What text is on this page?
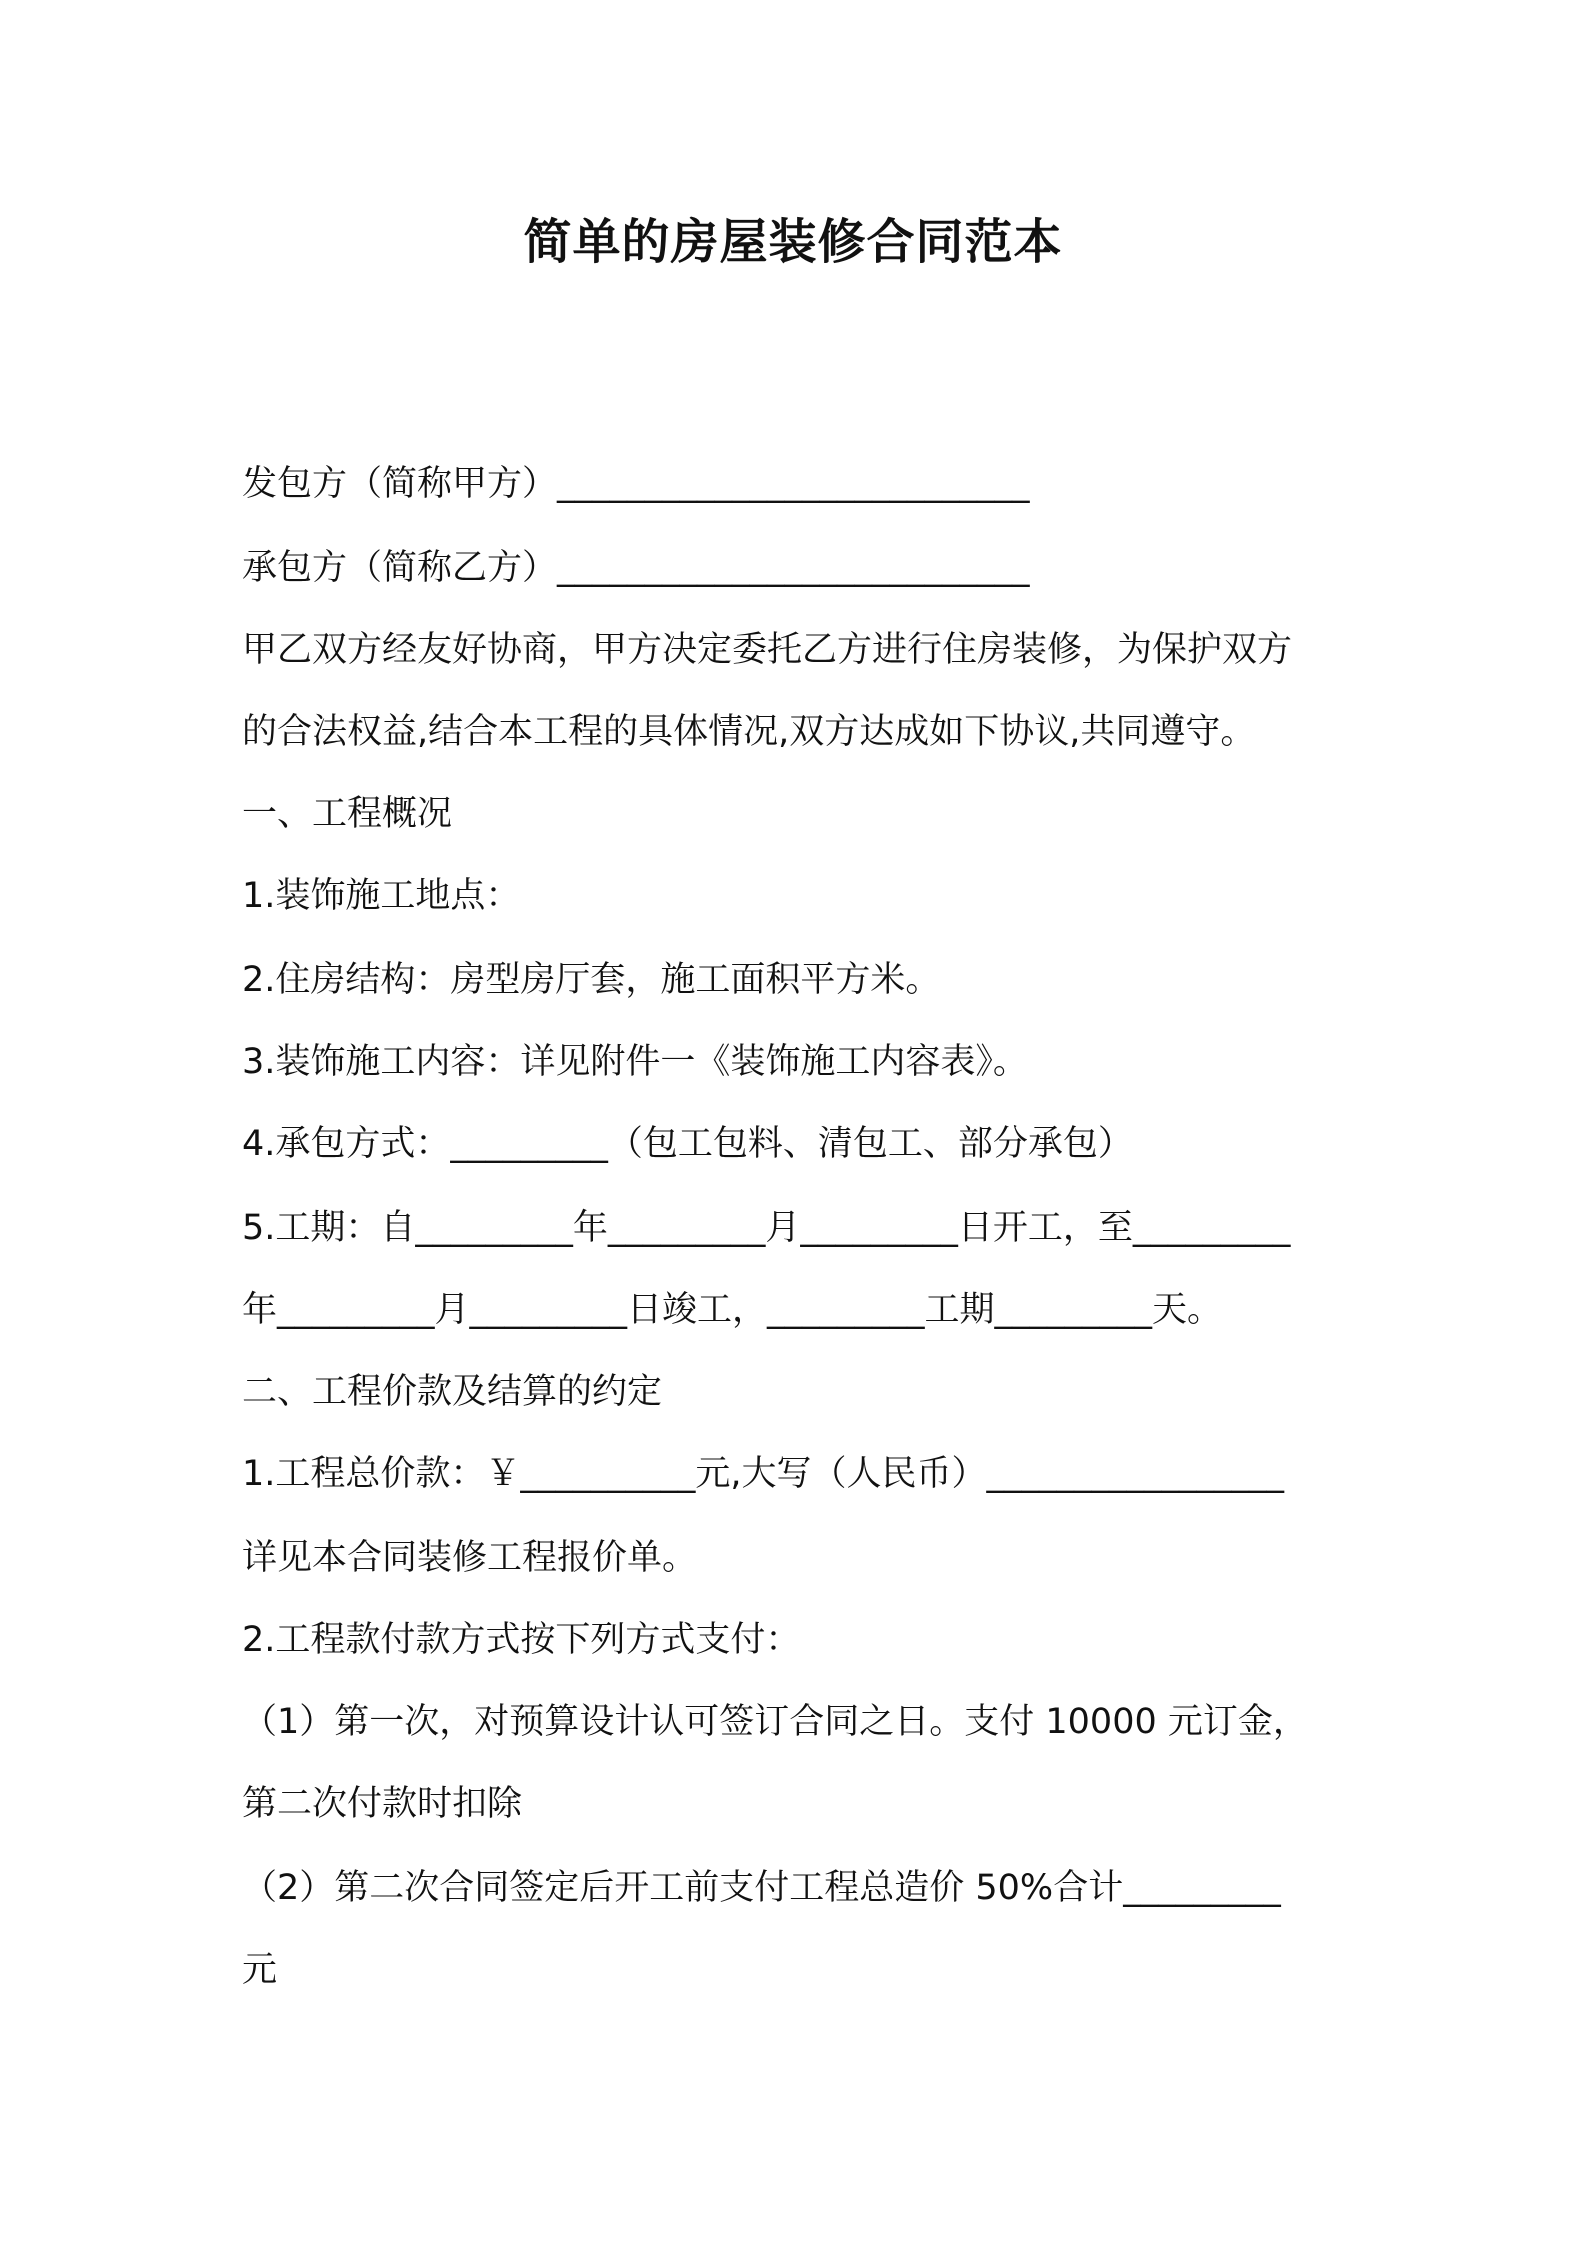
简单的房屋装修合同范本
发包方（简称甲方）___________________________
承包方（简称乙方）___________________________
甲乙双方经友好协商，甲方决定委托乙方进行住房装修，为保护双方
的合法权益,结合本工程的具体情况,双方达成如下协议,共同遵守。
一、工程概况
1.装饰施工地点：
2.住房结构：房型房厅套，施工面积平方米。
3.装饰施工内容：详见附件一《装饰施工内容表》。
4.承包方式：_________（包工包料、清包工、部分承包）
5.工期：自_________年_________月_________日开工，至_________
年_________月_________日竣工，_________工期_________天。
二、工程价款及结算的约定
1.工程总价款：￥__________元,大写（人民币）_________________
详见本合同装修工程报价单。
2.工程款付款方式按下列方式支付：
（1）第一次，对预算设计认可签订合同之日。支付 10000 元订金，
第二次付款时扣除
（2）第二次合同签定后开工前支付工程总造价 50%合计_________
元
